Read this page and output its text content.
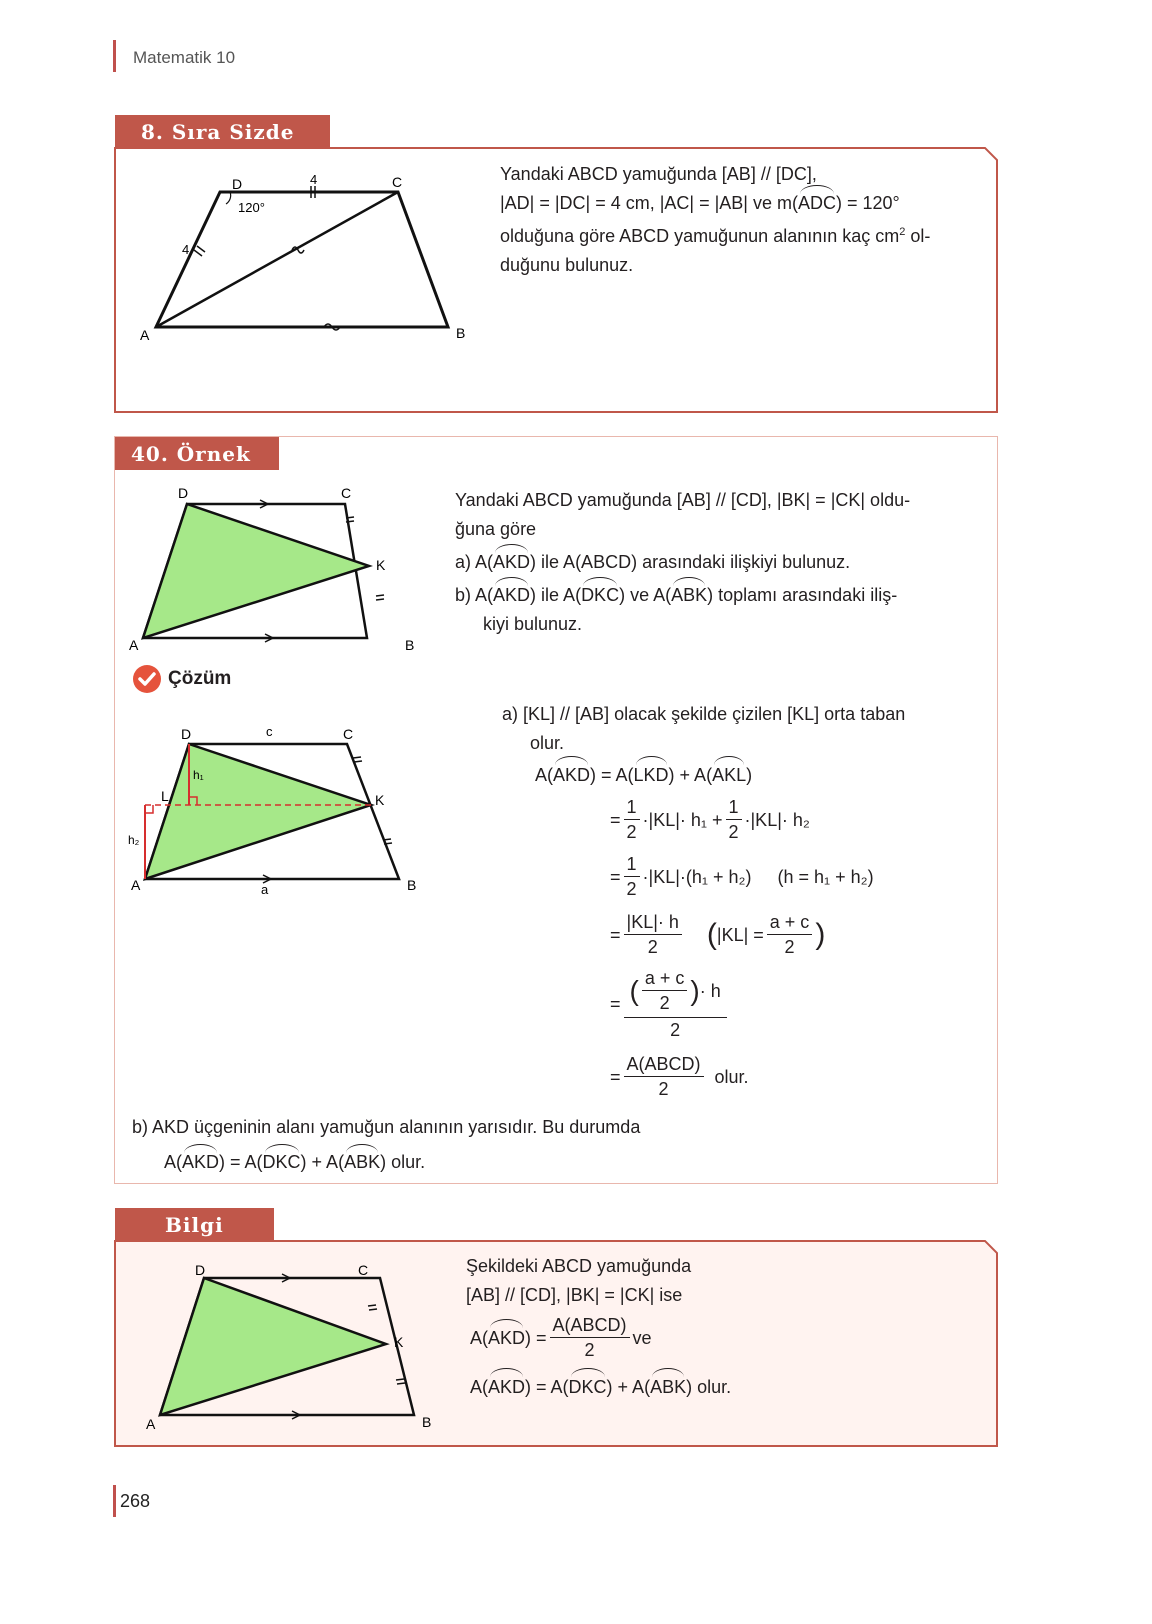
Matematik 10
8. Sıra Sizde
D	C
A	B
4
4
120°
Yandaki ABCD yamuğunda [AB] // [DC],
|AD| = |DC| = 4 cm, |AC| = |AB| ve m(ADC) = 120°
olduğuna göre ABCD yamuğunun alanının kaç $cm^2$ ol-
duğunu bulunuz.
40. Örnek
D	C
K
A	B
Yandaki ABCD yamuğunda [AB] // [CD], |BK| = |CK| oldu-
ğuna göre
a) A(AKD) ile A(ABCD) arasındaki ilişkiyi bulunuz.
b) A(AKD) ile A(DKC) ve A(ABK) toplamı arasındaki iliş-
kiyi bulunuz.
Çözüm
D	C
K
L
A	B
c
a
h₁
h₂
a) [KL] // [AB] olacak şekilde çizilen [KL] orta taban
olur.
A(AKD) = A(LKD) + A(AKL)
= $\frac{1}{2} \cdot|KL|\cdot h_1 + \frac{1}{2} \cdot|KL|\cdot h_2$
= $\frac{1}{2} \cdot|KL|\cdot(h_1 + h_2) (h = h_1 + h_2)$
= $\frac{|KL|\cdot h}{2}$ ( $|KL| = \frac{a + c}{2}$ )
= $\frac{( \frac{a + c}{2} ) \cdot h}{2}$
= $\frac{\text{A(ABCD)}}{2}$ olur.
b) AKD üçgeninin alanı yamuğun alanının yarısıdır. Bu durumda
A(AKD) = A(DKC) + A(ABK) olur.
Bilgi
D	C
K
A	B
Şekildeki ABCD yamuğunda
[AB] // [CD], |BK| = |CK| ise
A( AKD ) = $\frac{\text{A(ABCD)}}{2}$ ve
A(AKD) = A(DKC) + A(ABK) olur.
268
